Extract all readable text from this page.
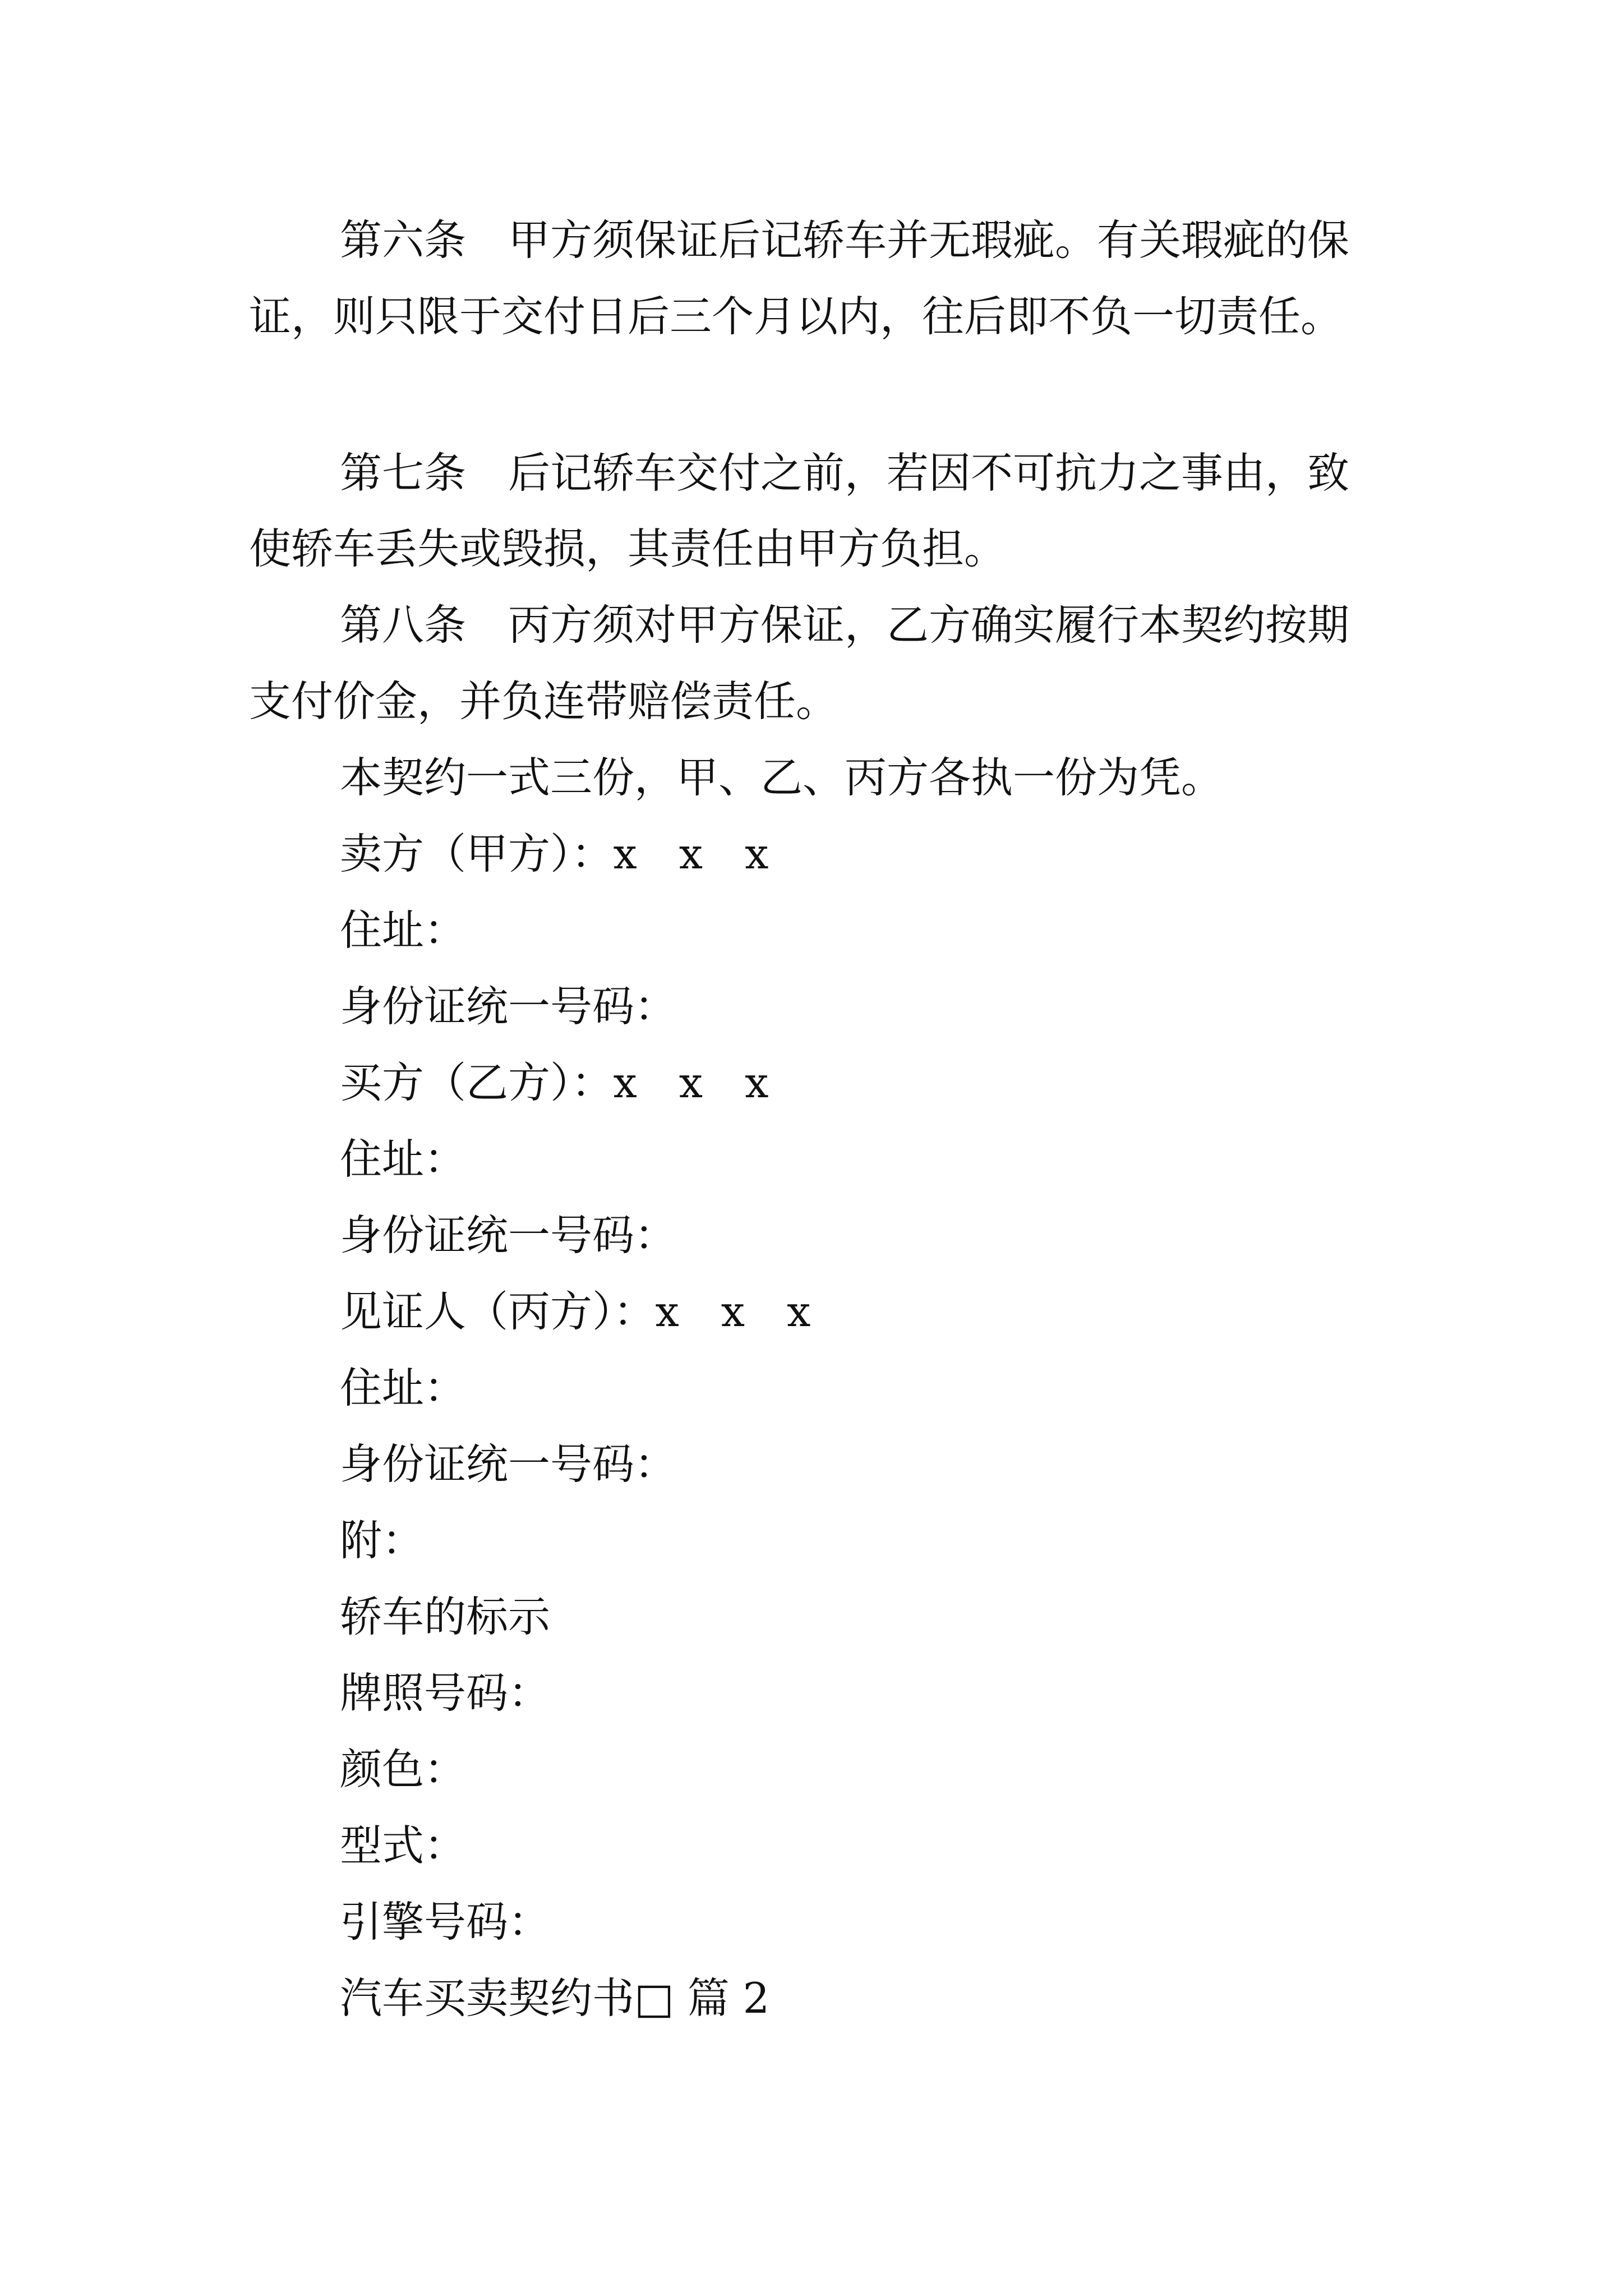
第六条　甲方须保证后记轿车并无瑕疵。有关瑕疵的保

证，则只限于交付日后三个月以内，往后即不负一切责任。

第七条　后记轿车交付之前，若因不可抗力之事由，致

使轿车丢失或毁损，其责任由甲方负担。

第八条　丙方须对甲方保证，乙方确实履行本契约按期

支付价金，并负连带赔偿责任。

本契约一式三份，甲、乙、丙方各执一份为凭。

卖方（甲方）：x　x　x

住址：

身份证统一号码：

买方（乙方）：x　x　x

住址：

身份证统一号码：

见证人（丙方）：x　x　x

住址：

身份证统一号码：

附：

轿车的标示

牌照号码：

颜色：

型式：

引擎号码：

汽车买卖契约书□ 篇 2
